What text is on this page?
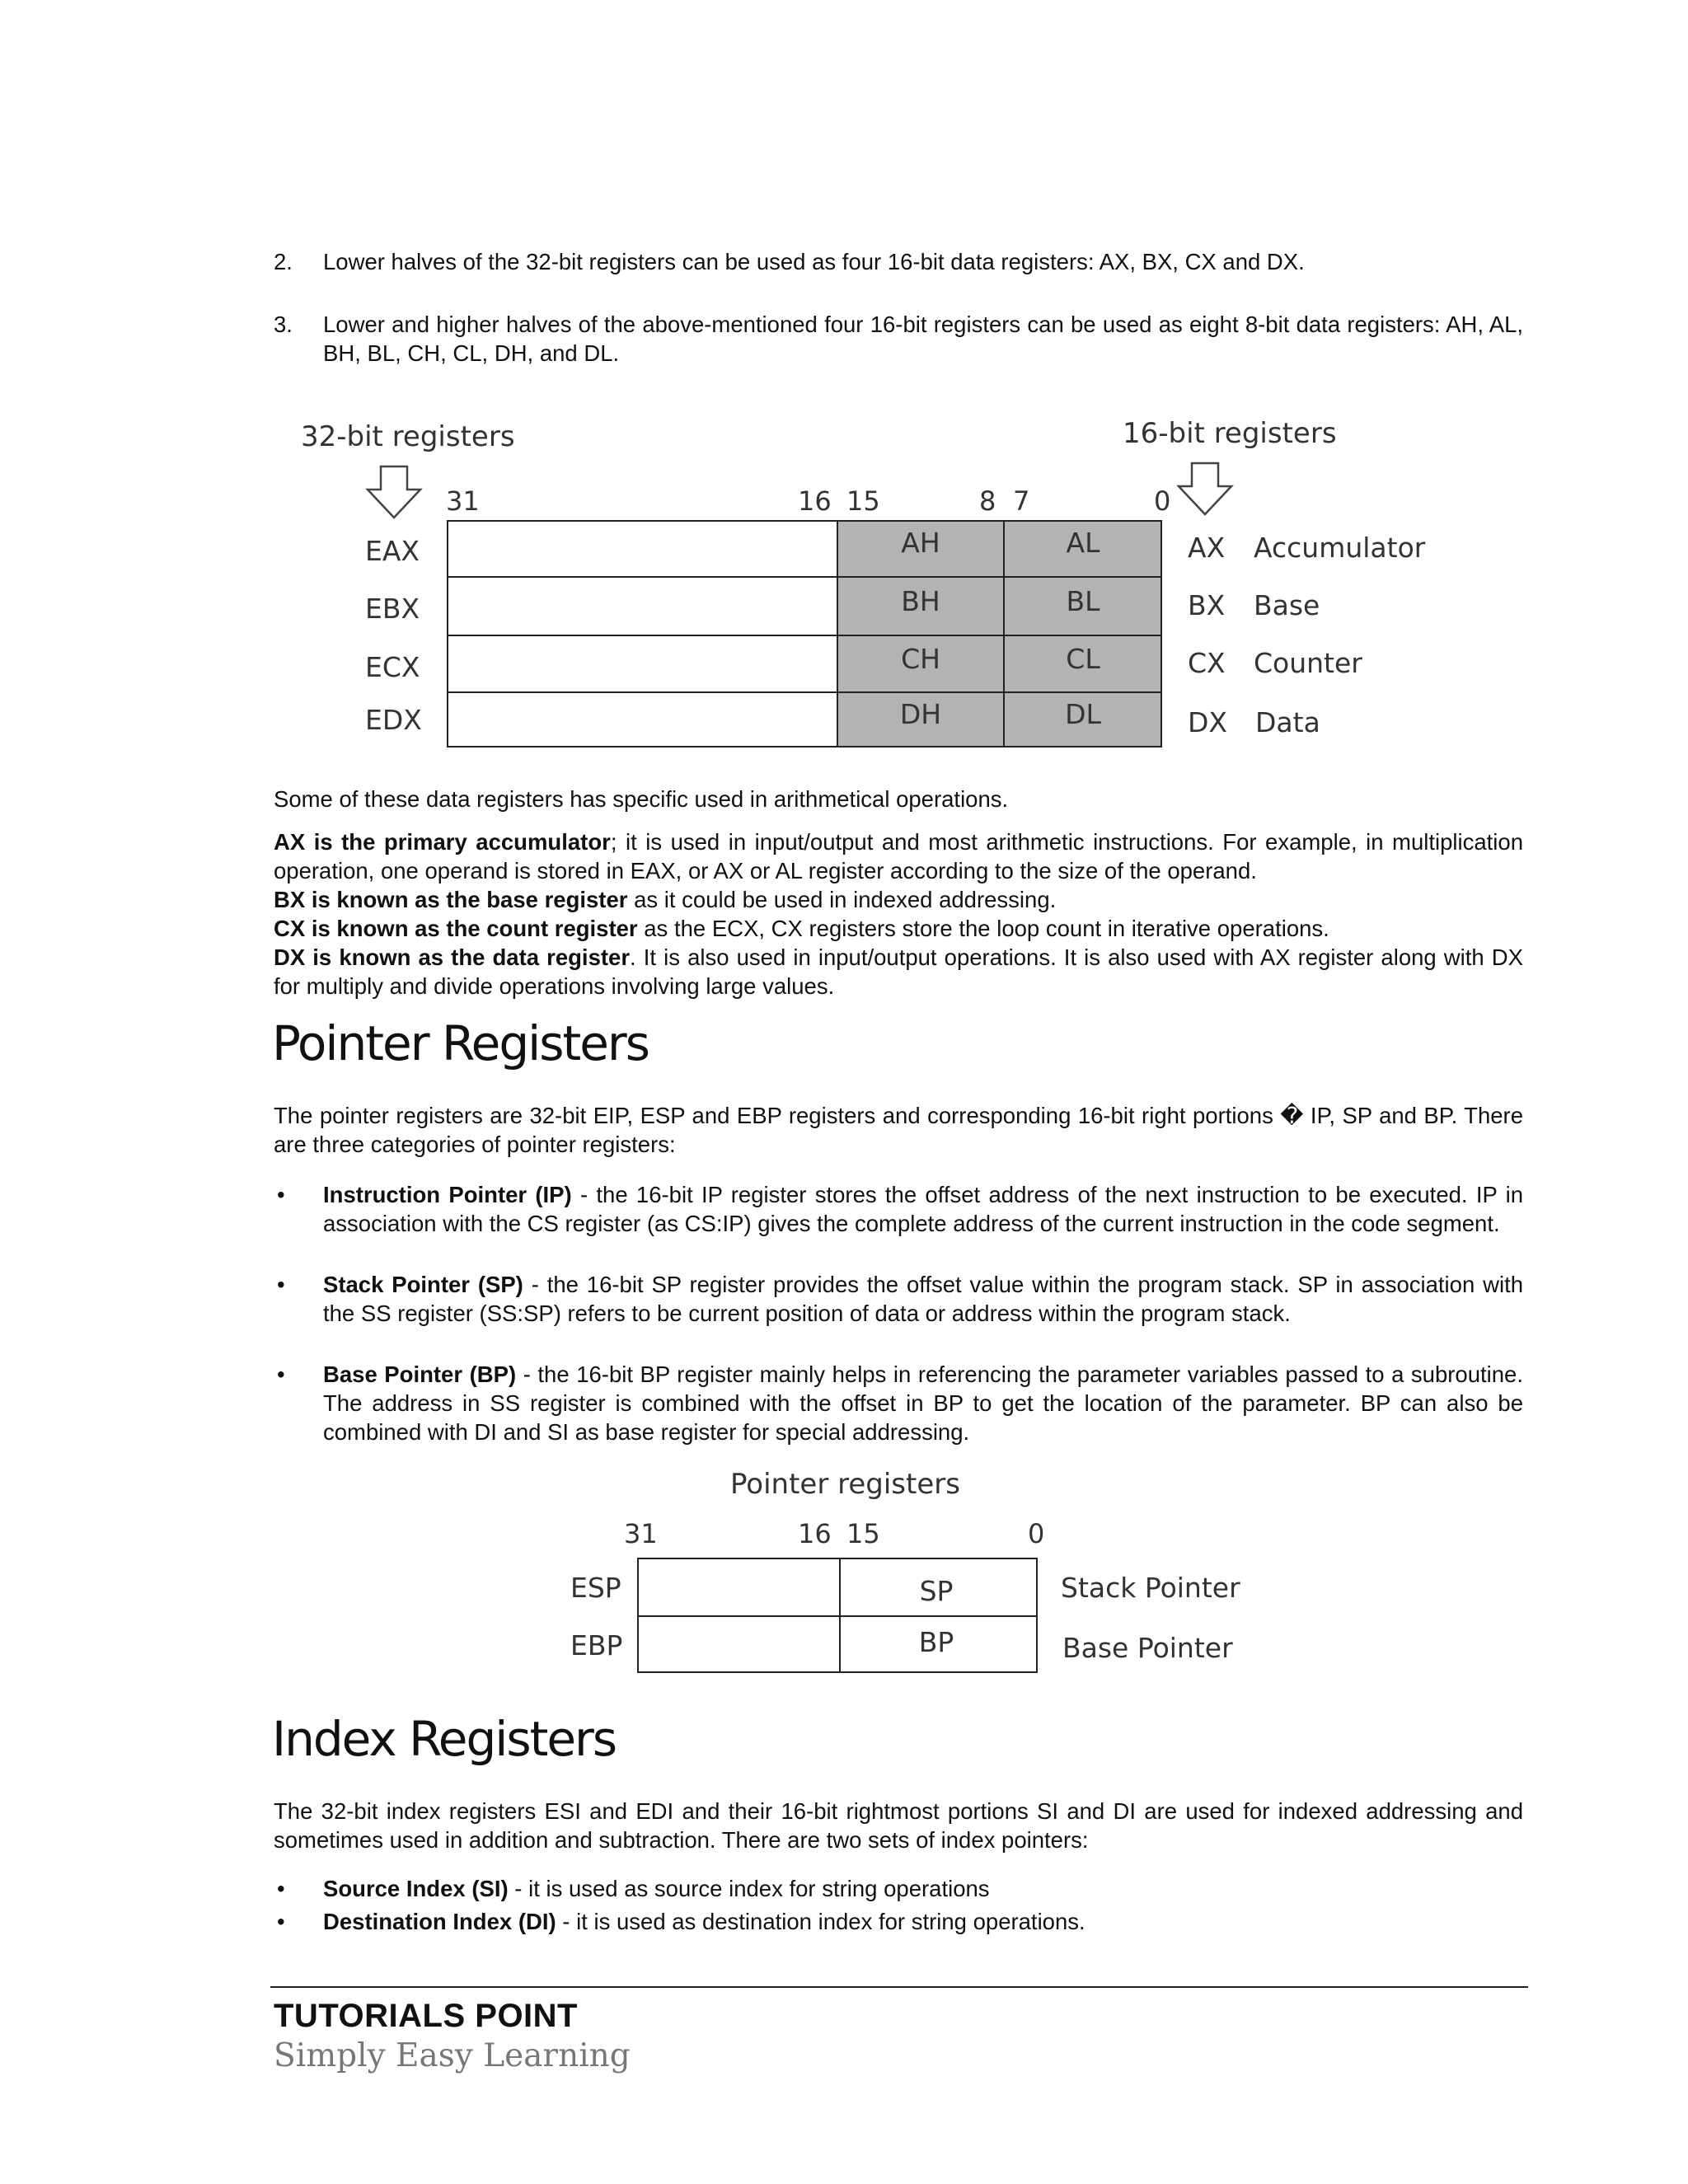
2. Lower halves of the 32-bit registers can be used as four 16-bit data registers: AX, BX, CX and DX.
3. Lower and higher halves of the above-mentioned four 16-bit registers can be used as eight 8-bit data registers: AH, AL, BH, BL, CH, CL, DH, and DL.
32-bit registers	16-bit registers
31	16 15	8 7	0
EAX	AH	AL	AX Accumulator
EBX	BH	BL	BX Base
ECX	CH	CL	CX Counter
EDX	DH	DL	DX Data
Some of these data registers has specific used in arithmetical operations.

AX is the primary accumulator; it is used in input/output and most arithmetic instructions. For example, in multiplication operation, one operand is stored in EAX, or AX or AL register according to the size of the operand.

BX is known as the base register as it could be used in indexed addressing.

CX is known as the count register as the ECX, CX registers store the loop count in iterative operations.

DX is known as the data register. It is also used in input/output operations. It is also used with AX register along with DX for multiply and divide operations involving large values.

Pointer Registers
The pointer registers are 32-bit EIP, ESP and EBP registers and corresponding 16-bit right portions � IP, SP and BP. There are three categories of pointer registers:
• Instruction Pointer (IP) - the 16-bit IP register stores the offset address of the next instruction to be executed. IP in association with the CS register (as CS:IP) gives the complete address of the current instruction in the code segment.
• Stack Pointer (SP) - the 16-bit SP register provides the offset value within the program stack. SP in association with the SS register (SS:SP) refers to be current position of data or address within the program stack.
• Base Pointer (BP) - the 16-bit BP register mainly helps in referencing the parameter variables passed to a subroutine. The address in SS register is combined with the offset in BP to get the location of the parameter. BP can also be combined with DI and SI as base register for special addressing.
Pointer registers
31	16 15	0
ESP	SP	Stack Pointer
EBP	BP	Base Pointer
Index Registers
The 32-bit index registers ESI and EDI and their 16-bit rightmost portions SI and DI are used for indexed addressing and sometimes used in addition and subtraction. There are two sets of index pointers:
• Source Index (SI) - it is used as source index for string operations
• Destination Index (DI) - it is used as destination index for string operations.
TUTORIALS POINT
Simply Easy Learning
